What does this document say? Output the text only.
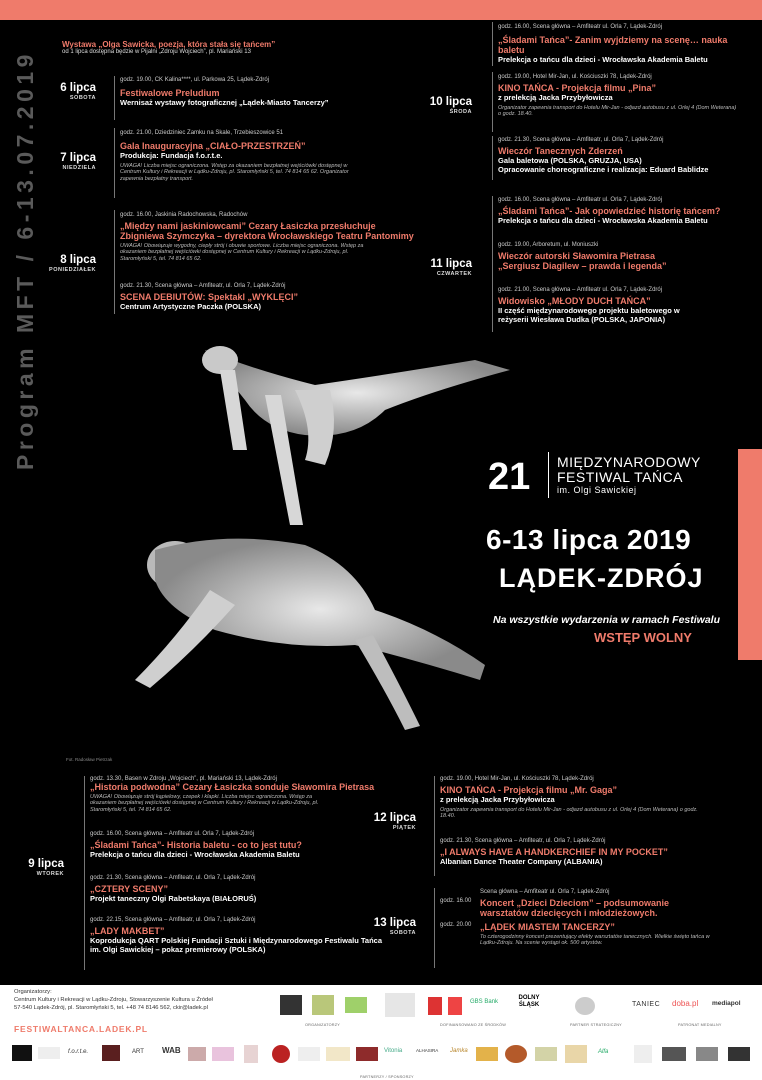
Program MFT / 6-13.07.2019
Wystawa „Olga Sawicka, poezja, która stała się tańcem”
od 1 lipca dostępna będzie w Pijalni „Zdroju Wojciech”, pl. Mariański 13
6 lipca
SOBOTA
godz. 19.00, CK Kalina****, ul. Parkowa 25, Lądek-Zdrój
Festiwalowe Preludium
Wernisaż wystawy fotograficznej „Lądek-Miasto Tancerzy”
7 lipca
NIEDZIELA
godz. 21.00, Dziedziniec Zamku na Skale, Trzebieszowice 51
Gala Inauguracyjna „CIAŁO-PRZESTRZEŃ”
Produkcja: Fundacja f.o.r.t.e.
UWAGA! Liczba miejsc ograniczona. Wstęp za okazaniem bezpłatnej wejściówki dostępnej w Centrum Kultury i Rekreacji w Lądku-Zdroju, pl. Staromłyński 5, tel. 74 814 65 62. Organizator zapewnia bezpłatny transport.
8 lipca
PONIEDZIAŁEK
godz. 16.00, Jaskinia Radochowska, Radochów
„Między nami jaskiniowcami” Cezary Łasiczka przesłuchuje Zbigniewa Szymczyka – dyrektora Wrocławskiego Teatru Pantomimy
UWAGA! Obowiązuje wygodny, ciepły strój i obuwie sportowe. Liczba miejsc ograniczona. Wstęp za okazaniem bezpłatnej wejściówki dostępnej w Centrum Kultury i Rekreacji w Lądku-Zdroju, pl. Staromłyński 5, tel. 74 814 65 62.
godz. 21.30, Scena główna – Amfiteatr, ul. Orla 7, Lądek-Zdrój
SCENA DEBIUTÓW: Spektakl „WYKLĘCI”
Centrum Artystyczne Paczka (POLSKA)
godz. 16.00, Scena główna – Amfiteatr ul. Orla 7, Lądek-Zdrój
„Śladami Tańca”- Zanim wyjdziemy na scenę… nauka baletu
Prelekcja o tańcu dla dzieci - Wrocławska Akademia Baletu
10 lipca
ŚRODA
godz. 19.00, Hotel Mir-Jan, ul. Kościuszki 78, Lądek-Zdrój
KINO TAŃCA - Projekcja filmu „Pina”
z prelekcją Jacka Przybyłowicza
Organizator zapewnia transport do Hotelu Mir-Jan - odjazd autobusu z ul. Orlej 4 (Dom Weterana) o godz. 18.40.
godz. 21.30, Scena główna – Amfiteatr, ul. Orla 7, Lądek-Zdrój
Wieczór Tanecznych Zderzeń
Gala baletowa (POLSKA, GRUZJA, USA)
Opracowanie choreograficzne i realizacja: Eduard Bablidze
11 lipca
CZWARTEK
godz. 16.00, Scena główna – Amfiteatr ul. Orla 7, Lądek-Zdrój
„Śladami Tańca”- Jak opowiedzieć historię tańcem?
Prelekcja o tańcu dla dzieci - Wrocławska Akademia Baletu
godz. 19.00, Arboretum, ul. Moniuszki
Wieczór autorski Sławomira Pietrasa „Sergiusz Diagilew – prawda i legenda”
godz. 21.00, Scena główna – Amfiteatr ul. Orla 7, Lądek-Zdrój
Widowisko „MŁODY DUCH TAŃCA”
II część międzynarodowego projektu baletowego w reżyserii Wiesława Dudka (POLSKA, JAPONIA)
Fot. Radosław Pietrzak
21 MIĘDZYNARODOWY
FESTIWAL TAŃCA
im. Olgi Sawickiej
6-13 lipca 2019
LĄDEK-ZDRÓJ
Na wszystkie wydarzenia w ramach Festiwalu
WSTĘP WOLNY
9 lipca
WTOREK
godz. 13.30, Basen w Zdroju „Wojciech”, pl. Mariański 13, Lądek-Zdrój
„Historia podwodna” Cezary Łasiczka sonduje Sławomira Pietrasa
UWAGA! Obowiązuje strój kąpielowy, czepek i klapki. Liczba miejsc ograniczona. Wstęp za okazaniem bezpłatnej wejściówki dostępnej w Centrum Kultury i Rekreacji w Lądku-Zdroju, pl. Staromłyński 5, tel. 74 814 65 62.
godz. 16.00, Scena główna – Amfiteatr ul. Orla 7, Lądek-Zdrój
„Śladami Tańca”- Historia baletu - co to jest tutu?
Prelekcja o tańcu dla dzieci - Wrocławska Akademia Baletu
godz. 21.30, Scena główna – Amfiteatr, ul. Orla 7, Lądek-Zdrój
„CZTERY SCENY”
Projekt taneczny Olgi Rabetskaya (BIAŁORUŚ)
godz. 22.15, Scena główna – Amfiteatr, ul. Orla 7, Lądek-Zdrój
„LADY MAKBET”
Koprodukcja QART Polskiej Fundacji Sztuki i Międzynarodowego Festiwalu Tańca im. Olgi Sawickiej – pokaz premierowy (POLSKA)
12 lipca
PIĄTEK
godz. 19.00, Hotel Mir-Jan, ul. Kościuszki 78, Lądek-Zdrój
KINO TAŃCA - Projekcja filmu „Mr. Gaga”
z prelekcją Jacka Przybyłowicza
Organizator zapewnia transport do Hotelu Mir-Jan - odjazd autobusu z ul. Orlej 4 (Dom Weterana) o godz. 18.40.
godz. 21.30, Scena główna – Amfiteatr, ul. Orla 7, Lądek-Zdrój
„I ALWAYS HAVE A HANDKERCHIEF IN MY POCKET”
Albanian Dance Theater Company (ALBANIA)
13 lipca
SOBOTA
Scena główna – Amfiteatr ul. Orla 7, Lądek-Zdrój
godz. 16.00 Koncert „Dzieci Dzieciom” – podsumowanie warsztatów dziecięcych i młodzieżowych.
godz. 20.00 „LĄDEK MIASTEM TANCERZY”
To czterogodzinny koncert prezentujący efekty warsztatów tanecznych. Wielkie święto tańca w Lądku-Zdroju. Na scenie wystąpi ok. 500 artystów.
Organizatorzy:
Centrum Kultury i Rekreacji w Lądku-Zdroju, Stowarzyszenie Kultura u Źródeł
57-540 Lądek-Zdrój, pl. Staromłyński 5, tel. +48 74 8146 562, ckir@ladek.pl
FESTIWALTANCA.LADEK.PL	ORGANIZATORZY	DOFINANSOWANO ZE ŚRODKÓW	PARTNER STRATEGICZNY	PATRONAT MEDIALNY
PARTNERZY / SPONSORZY
GBS Bank
DOLNY ŚLĄSK	TANIEC doba.pl mediapol
f.o.r.t.e.	ART WAB	Vitonia	ALHASIRA Jamka	Alfa
